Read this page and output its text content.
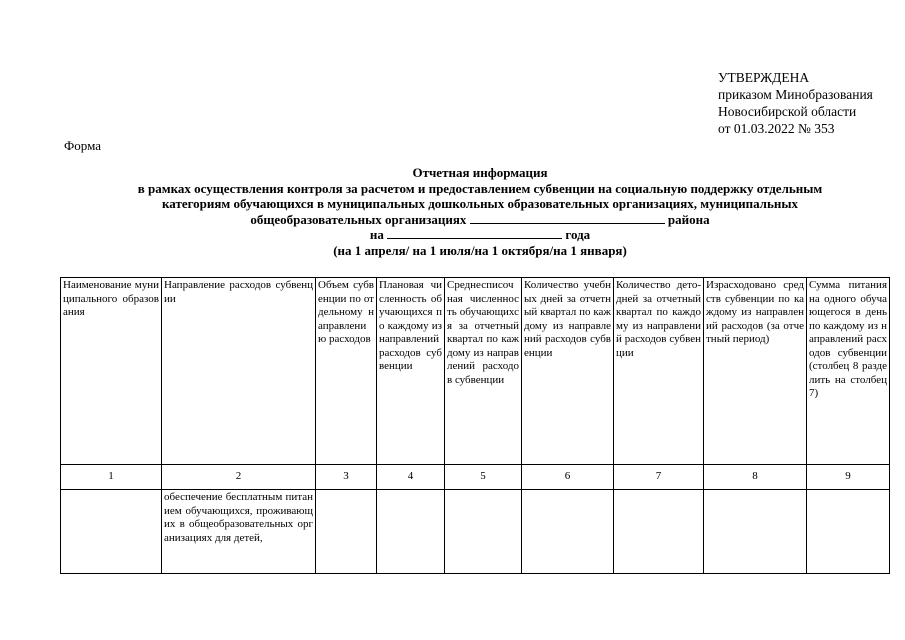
УТВЕРЖДЕНА
приказом Минобразования
Новосибирской области
от 01.03.2022 № 353
Форма
Отчетная информация
в рамках осуществления контроля за расчетом и предоставлением субвенции на социальную поддержку отдельным
категориям обучающихся в муниципальных дошкольных образовательных организациях, муниципальных
общеобразовательных организациях	района
на	года
(на 1 апреля/ на 1 июля/на 1 октября/на 1 января)
Наименование муниципального образования	Направление расходов субвенции	Объем субвенции по отдельному направлению расходов	Плановая численность обучающихся по каждому из направлений расходов субвенции	Среднесписочная численность обучающихся за отчетный квартал по каждому из направлений расходов субвенции	Количество учебных дней за отчетный квартал по каждому из направлений расходов субвенции	Количество дето-дней за отчетный квартал по каждому из направлений расходов субвенции	Израсходовано средств субвенции по каждому из направлений расходов (за отчетный период)	Сумма питания на одного обучающегося в день по каждому из направлений расходов субвенции (столбец 8 разделить на столбец 7)
1	2	3	4	5	6	7	8	9
	обеспечение бесплатным питанием обучающихся, проживающих в общеобразовательных организациях для детей,							
